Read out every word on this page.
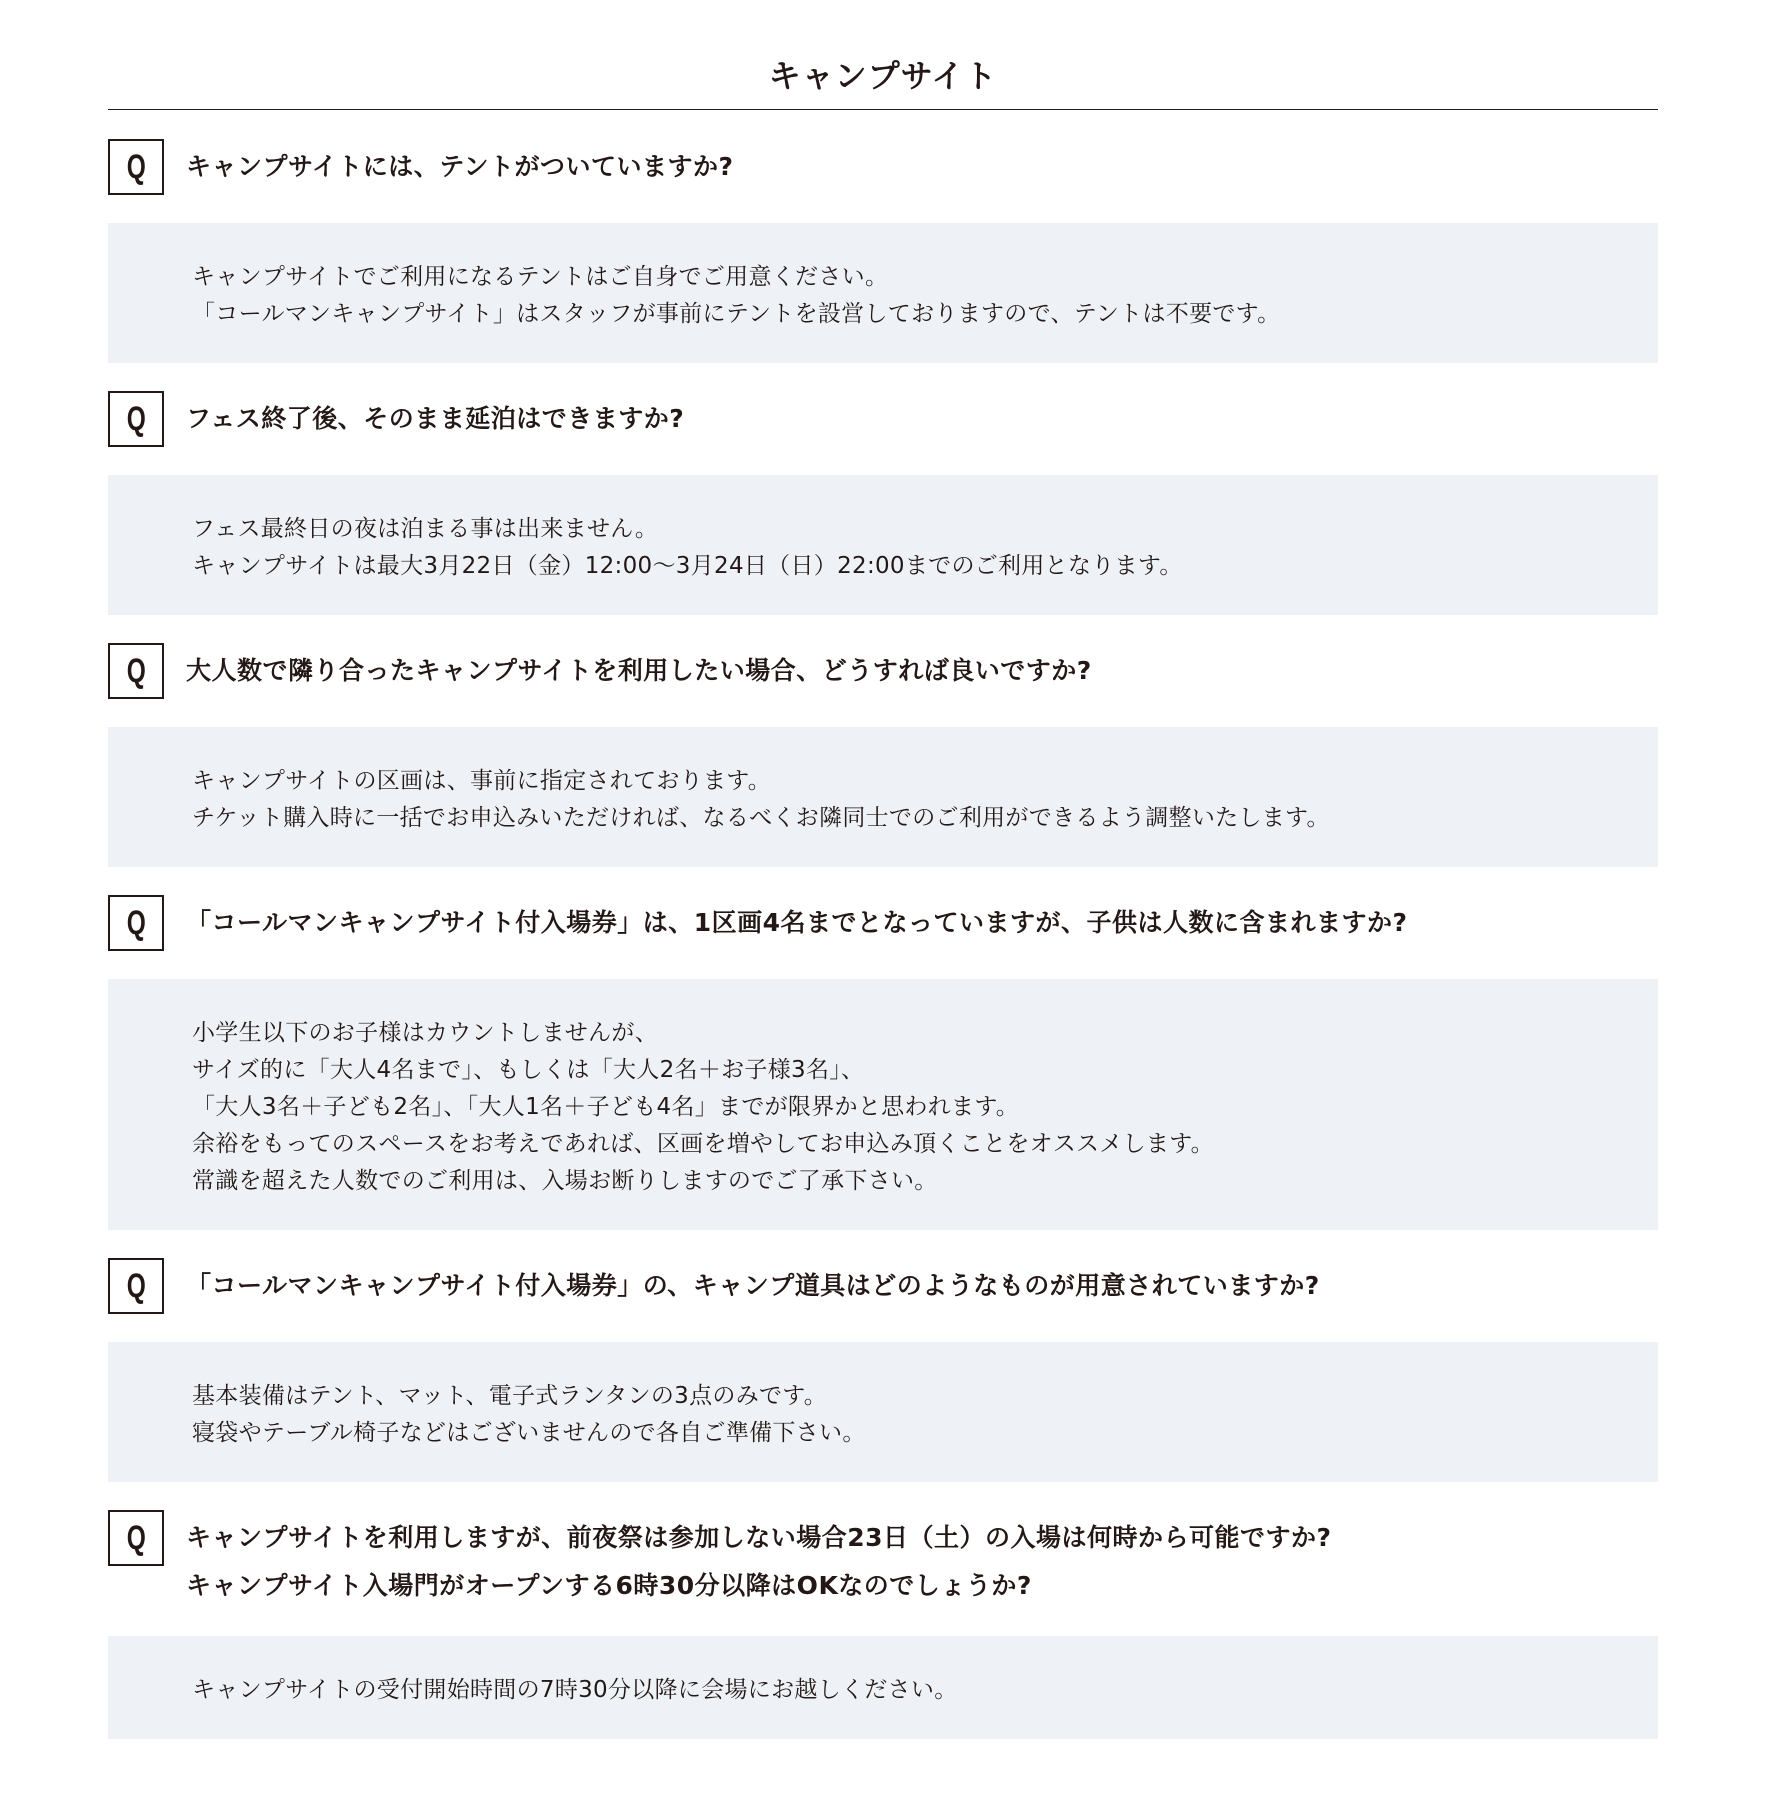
キャンプサイト
Q キャンプサイトには、テントがついていますか?
キャンプサイトでご利用になるテントはご自身でご用意ください。
「コールマンキャンプサイト」はスタッフが事前にテントを設営しておりますので、テントは不要です。
Q フェス終了後、そのまま延泊はできますか?
フェス最終日の夜は泊まる事は出来ません。
キャンプサイトは最大3月22日（金）12:00〜3月24日（日）22:00までのご利用となります。
Q 大人数で隣り合ったキャンプサイトを利用したい場合、どうすれば良いですか?
キャンプサイトの区画は、事前に指定されております。
チケット購入時に一括でお申込みいただければ、なるべくお隣同士でのご利用ができるよう調整いたします。
Q 「コールマンキャンプサイト付入場券」は、1区画4名までとなっていますが、子供は人数に含まれますか?
小学生以下のお子様はカウントしませんが、
サイズ的に「大人4名まで」、もしくは「大人2名＋お子様3名」、
「大人3名＋子ども2名」、「大人1名＋子ども4名」までが限界かと思われます。
余裕をもってのスペースをお考えであれば、区画を増やしてお申込み頂くことをオススメします。
常識を超えた人数でのご利用は、入場お断りしますのでご了承下さい。
Q 「コールマンキャンプサイト付入場券」の、キャンプ道具はどのようなものが用意されていますか?
基本装備はテント、マット、電子式ランタンの3点のみです。
寝袋やテーブル椅子などはございませんので各自ご準備下さい。
Q キャンプサイトを利用しますが、前夜祭は参加しない場合23日（土）の入場は何時から可能ですか?
キャンプサイト入場門がオープンする6時30分以降はOKなのでしょうか?
キャンプサイトの受付開始時間の7時30分以降に会場にお越しください。
